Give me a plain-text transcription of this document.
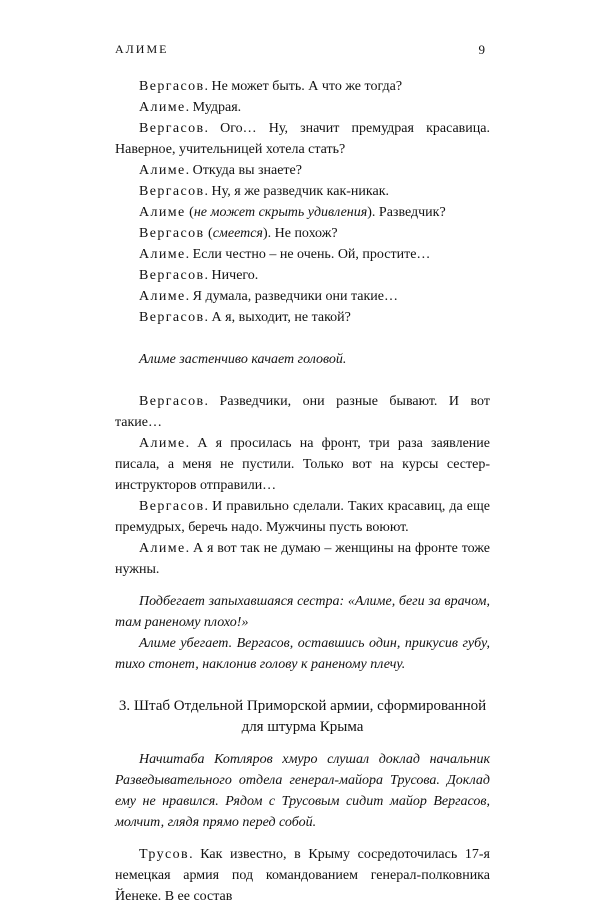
АЛИМЕ	9

Вергасов. Не может быть. А что же тогда?

Алиме. Мудрая.

Вергасов. Ого… Ну, значит премудрая красавица. Наверное, учительницей хотела стать?

Алиме. Откуда вы знаете?

Вергасов. Ну, я же разведчик как-никак.

Алиме (не может скрыть удивления). Разведчик?

Вергасов (смеется). Не похож?

Алиме. Если честно – не очень. Ой, простите…

Вергасов. Ничего.

Алиме. Я думала, разведчики они такие…

Вергасов. А я, выходит, не такой?

Алиме застенчиво качает головой.

Вергасов. Разведчики, они разные бывают. И вот такие…

Алиме. А я просилась на фронт, три раза заявление писала, а меня не пустили. Только вот на курсы сестер-инструкторов отправили…

Вергасов. И правильно сделали. Таких красавиц, да еще премудрых, беречь надо. Мужчины пусть воюют.

Алиме. А я вот так не думаю – женщины на фронте тоже нужны.

Подбегает запыхавшаяся сестра: «Алиме, беги за врачом, там раненому плохо!»

Алиме убегает. Вергасов, оставшись один, прикусив губу, тихо стонет, наклонив голову к раненому плечу.

3. Штаб Отдельной Приморской армии, сформированной для штурма Крыма

Начштаба Котляров хмуро слушал доклад начальник Разведывательного отдела генерал-майора Трусова. Доклад ему не нравился. Рядом с Трусовым сидит майор Вергасов, молчит, глядя прямо перед собой.

Трусов. Как известно, в Крыму сосредоточилась 17-я немецкая армия под командованием генерал-полковника Йенеке. В ее состав
